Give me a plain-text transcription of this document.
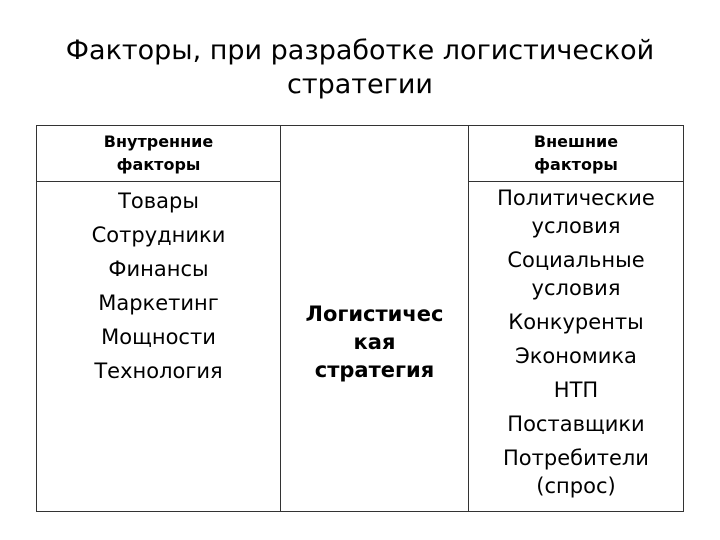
Факторы, при разработке логистической
стратегии
Внутренние
факторы
Товары
Сотрудники
Финансы
Маркетинг
Мощности
Технология
Логистичес
кая
стратегия
Внешние
факторы
Политические
условия
Социальные
условия
Конкуренты
Экономика
НТП
Поставщики
Потребители
(спрос)
